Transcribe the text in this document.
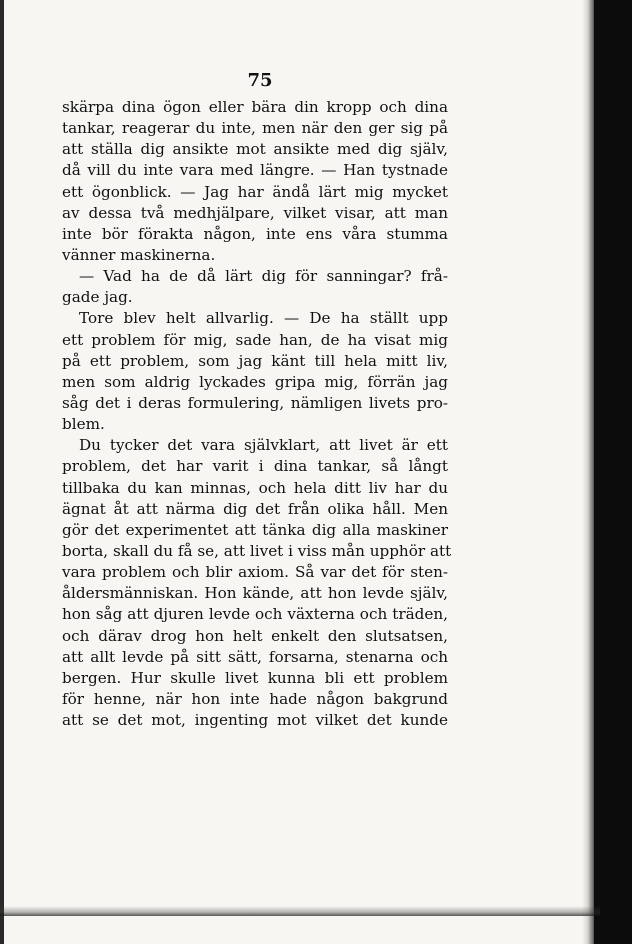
75
skärpa dina ögon eller bära din kropp och dina
tankar, reagerar du inte, men när den ger sig på
att ställa dig ansikte mot ansikte med dig själv,
då vill du inte vara med längre. — Han tystnade
ett ögonblick. — Jag har ändå lärt mig mycket
av dessa två medhjälpare, vilket visar, att man
inte bör förakta någon, inte ens våra stumma
vänner maskinerna.
— Vad ha de då lärt dig för sanningar? frå-
gade jag.
Tore blev helt allvarlig. — De ha ställt upp
ett problem för mig, sade han, de ha visat mig
på ett problem, som jag känt till hela mitt liv,
men som aldrig lyckades gripa mig, förrän jag
såg det i deras formulering, nämligen livets pro-
blem.
Du tycker det vara självklart, att livet är ett
problem, det har varit i dina tankar, så långt
tillbaka du kan minnas, och hela ditt liv har du
ägnat åt att närma dig det från olika håll. Men
gör det experimentet att tänka dig alla maskiner
borta, skall du få se, att livet i viss mån upphör att
vara problem och blir axiom. Så var det för sten-
åldersmänniskan. Hon kände, att hon levde själv,
hon såg att djuren levde och växterna och träden,
och därav drog hon helt enkelt den slutsatsen,
att allt levde på sitt sätt, forsarna, stenarna och
bergen. Hur skulle livet kunna bli ett problem
för henne, när hon inte hade någon bakgrund
att se det mot, ingenting mot vilket det kunde
